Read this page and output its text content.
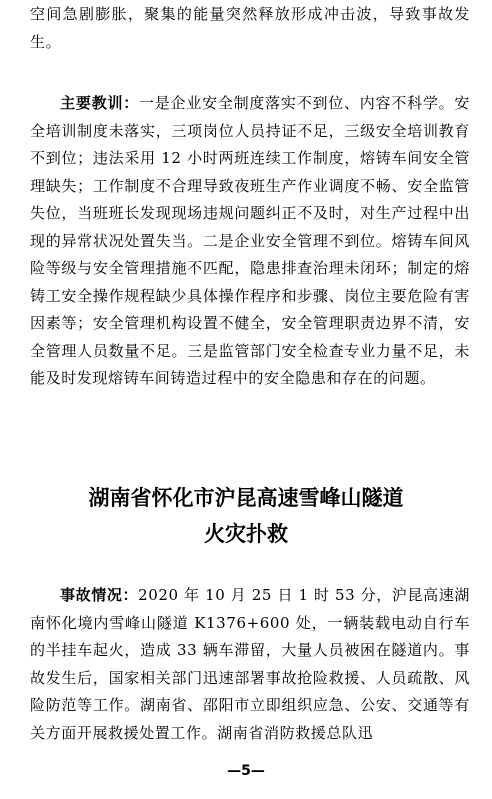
空间急剧膨胀，聚集的能量突然释放形成冲击波，导致事故发生。

主要教训：一是企业安全制度落实不到位、内容不科学。安全培训制度未落实，三项岗位人员持证不足，三级安全培训教育不到位；违法采用 12 小时两班连续工作制度，熔铸车间安全管理缺失；工作制度不合理导致夜班生产作业调度不畅、安全监管失位，当班班长发现现场违规问题纠正不及时，对生产过程中出现的异常状况处置失当。二是企业安全管理不到位。熔铸车间风险等级与安全管理措施不匹配，隐患排查治理未闭环；制定的熔铸工安全操作规程缺少具体操作程序和步骤、岗位主要危险有害因素等；安全管理机构设置不健全，安全管理职责边界不清，安全管理人员数量不足。三是监管部门安全检查专业力量不足，未能及时发现熔铸车间铸造过程中的安全隐患和存在的问题。

湖南省怀化市沪昆高速雪峰山隧道
火灾扑救

事故情况：2020 年 10 月 25 日 1 时 53 分，沪昆高速湖南怀化境内雪峰山隧道 K1376+600 处，一辆装载电动自行车的半挂车起火，造成 33 辆车滞留，大量人员被困在隧道内。事故发生后，国家相关部门迅速部署事故抢险救援、人员疏散、风险防范等工作。湖南省、邵阳市立即组织应急、公安、交通等有关方面开展救援处置工作。湖南省消防救援总队迅

—5—
